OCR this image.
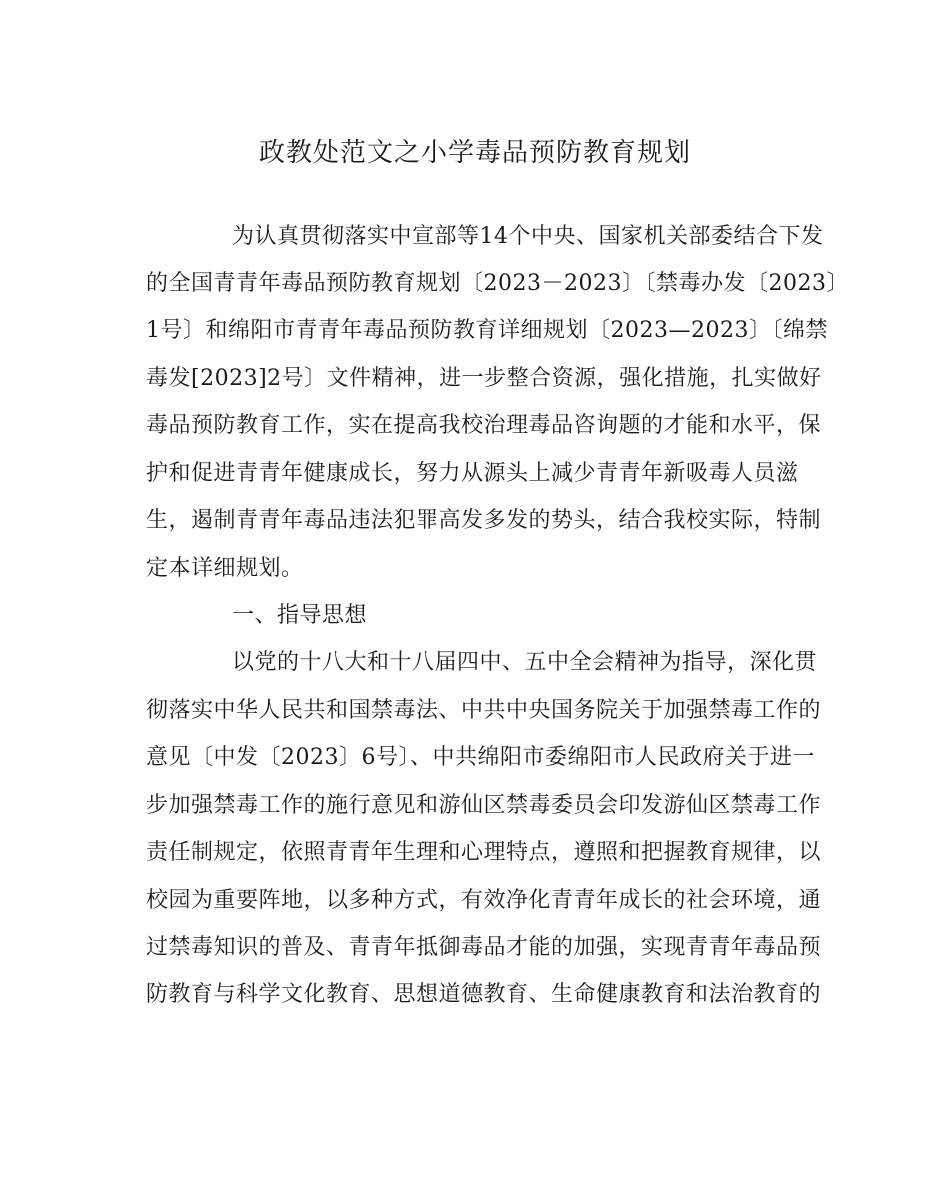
政教处范文之小学毒品预防教育规划
为认真贯彻落实中宣部等14个中央、国家机关部委结合下发
的全国青青年毒品预防教育规划〔2023－2023〕〔禁毒办发〔2023〕
1号〕和绵阳市青青年毒品预防教育详细规划〔2023—2023〕〔绵禁
毒发[2023]2号〕文件精神，进一步整合资源，强化措施，扎实做好
毒品预防教育工作，实在提高我校治理毒品咨询题的才能和水平，保
护和促进青青年健康成长，努力从源头上减少青青年新吸毒人员滋
生，遏制青青年毒品违法犯罪高发多发的势头，结合我校实际，特制
定本详细规划。
一、指导思想
以党的十八大和十八届四中、五中全会精神为指导，深化贯
彻落实中华人民共和国禁毒法、中共中央国务院关于加强禁毒工作的
意见〔中发〔2023〕6号〕、中共绵阳市委绵阳市人民政府关于进一
步加强禁毒工作的施行意见和游仙区禁毒委员会印发游仙区禁毒工作
责任制规定，依照青青年生理和心理特点，遵照和把握教育规律，以
校园为重要阵地，以多种方式，有效净化青青年成长的社会环境，通
过禁毒知识的普及、青青年抵御毒品才能的加强，实现青青年毒品预
防教育与科学文化教育、思想道德教育、生命健康教育和法治教育的
